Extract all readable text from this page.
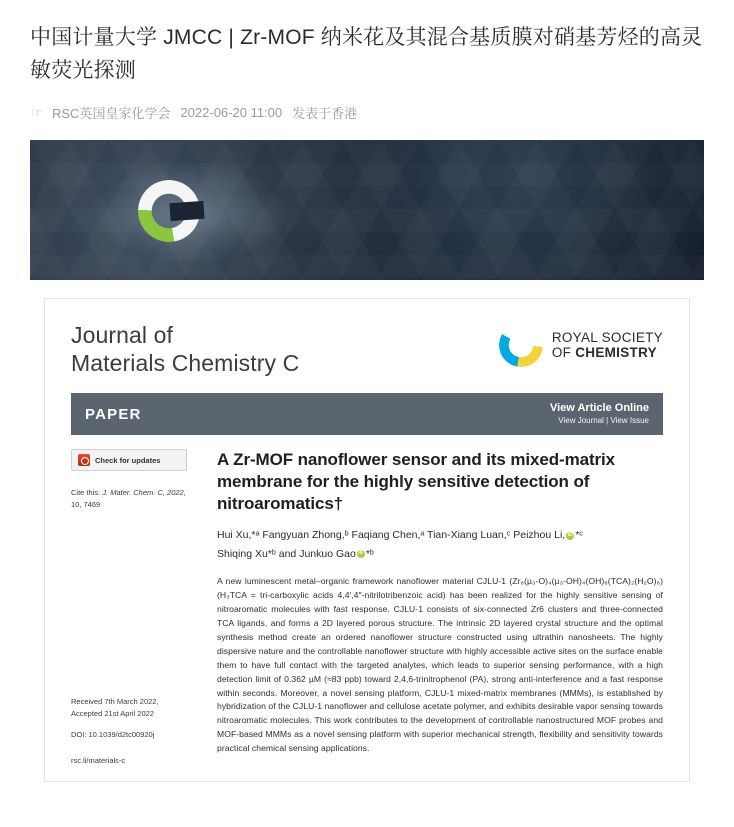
中国计量大学 JMCC | Zr-MOF 纳米花及其混合基质膜对硝基芳烃的高灵敏荧光探测
☞ RSC英国皇家化学会 2022-06-20 11:00 发表于香港
Journal of
Materials Chemistry C
ROYAL SOCIETY
OF CHEMISTRY
PAPER	View Article Online
View Journal | View Issue
Check for updates
Cite this: J. Mater. Chem. C, 2022,
10, 7469
Received 7th March 2022,
Accepted 21st April 2022
DOI: 10.1039/d2tc00920j
rsc.li/materials-c
A Zr-MOF nanoflower sensor and its mixed-matrix membrane for the highly sensitive detection of nitroaromatics†
Hui Xu,*ᵃ Fangyuan Zhong,ᵇ Faqiang Chen,ᵃ Tian-Xiang Luan,ᶜ Peizhou Li, iD *ᶜ
Shiqing Xu*ᵇ and Junkuo Gao iD *ᵇ
A new luminescent metal–organic framework nanoflower material CJLU-1 (Zr₆(µ₃-O)₄(µ₃-OH)₄(OH)₆(TCA)₂(H₂O)₆) (H₃TCA = tri-carboxylic acids 4,4′,4″-nitrilotribenzoic acid) has been realized for the highly sensitive sensing of nitroaromatic molecules with fast response. CJLU-1 consists of six-connected Zr6 clusters and three-connected TCA ligands, and forms a 2D layered porous structure. The intrinsic 2D layered crystal structure and the optimal synthesis method create an ordered nanoflower structure constructed using ultrathin nanosheets. The highly dispersive nature and the controllable nanoflower structure with highly accessible active sites on the surface enable them to have full contact with the targeted analytes, which leads to superior sensing performance, with a high detection limit of 0.362 µM (≈83 ppb) toward 2,4,6-trinitrophenol (PA), strong anti-interference and a fast response within seconds. Moreover, a novel sensing platform, CJLU-1 mixed-matrix membranes (MMMs), is established by hybridization of the CJLU-1 nanoflower and cellulose acetate polymer, and exhibits desirable vapor sensing towards nitroaromatic molecules. This work contributes to the development of controllable nanostructured MOF probes and MOF-based MMMs as a novel sensing platform with superior mechanical strength, flexibility and sensitivity towards practical chemical sensing applications.
